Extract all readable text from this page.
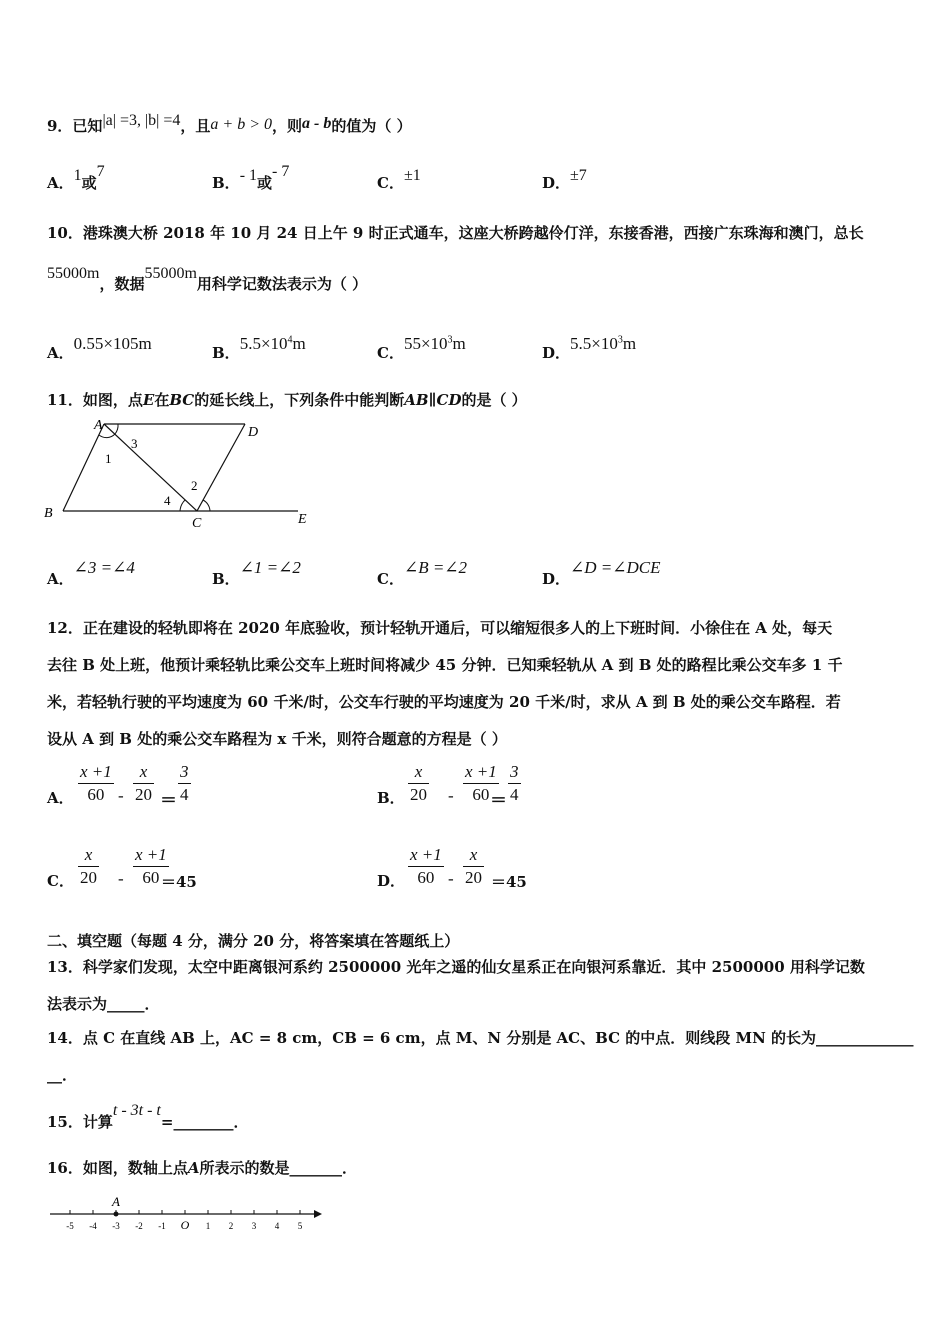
9．已知|a| =3, |b| =4，且a + b > 0，则a - b的值为（ ）
A．1或7
B．- 1或- 7
C．±1	D．±7
10．港珠澳大桥 2018 年 10 月 24 日上午 9 时正式通车，这座大桥跨越伶仃洋，东接香港，西接广东珠海和澳门，总长
55000m，数据55000m用科学记数法表示为（ ）
A．0.55×105m	B．$5.5\times 10^4m$	C．$55\times 10^3m$	D．$5.5\times 10^3m$
11．如图，点E在BC的延长线上，下列条件中能判断AB∥CD的是（ ）
A	D
B
C	E
1
3
2
4
A．∠3 =∠4
B．∠1 =∠2
C．∠B =∠2
D．∠D =∠DCE
12．正在建设的轻轨即将在 2020 年底验收，预计轻轨开通后，可以缩短很多人的上下班时间．小徐住在 A 处，每天
去往 B 处上班，他预计乘轻轨比乘公交车上班时间将减少 45 分钟．已知乘轻轨从 A 到 B 处的路程比乘公交车多 1 千
米，若轻轨行驶的平均速度为 60 千米/时，公交车行驶的平均速度为 20 千米/时，求从 A 到 B 处的乘公交车路程．若
设从 A 到 B 处的乘公交车路程为 x 千米，则符合题意的方程是（ ）
A．
x +1
60 -
x
20 ＝
3
4	B．
x
20 -
x +1
60 ＝
3
4
C．
x
20 -
x +1
60 ＝45	D．
x +1
60 -
x
20 ＝45
二、填空题（每题 4 分，满分 20 分，将答案填在答题纸上）
13．科学家们发现，太空中距离银河系约 2500000 光年之遥的仙女星系正在向银河系靠近．其中 2500000 用科学记数
法表示为_____．
14．点 C 在直线 AB 上，AC = 8 cm，CB = 6 cm，点 M、N 分别是 AC、BC 的中点．则线段 MN 的长为_____________
__．
15．计算t - 3t - t=________．
16．如图，数轴上点A所表示的数是_______．
-5 -4 -3 -2 -1 O 1 2 3 4 5
A
